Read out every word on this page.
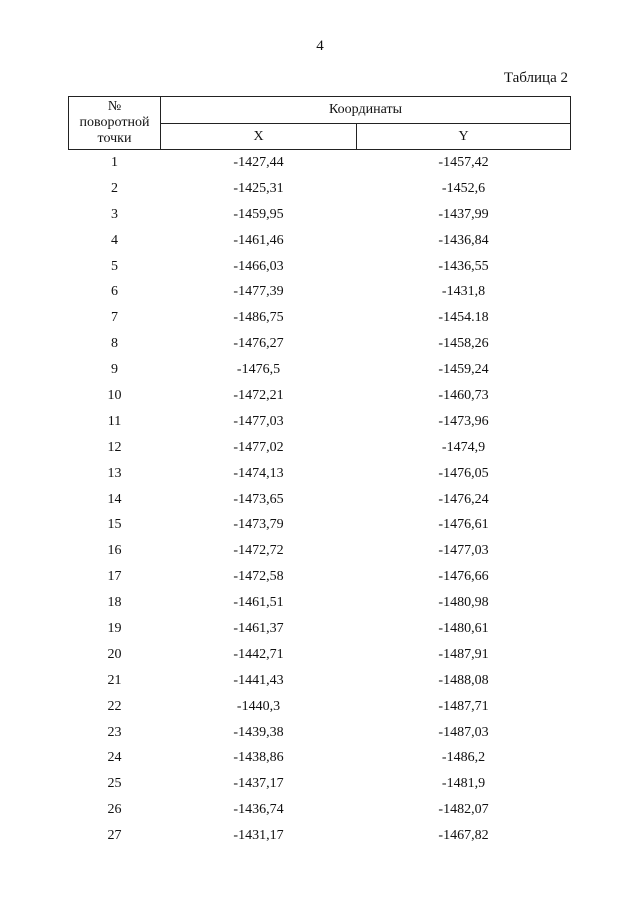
4
Таблица 2
№
поворотной
точки	Координаты	
	X	Y
1	-1427,44	-1457,42
2	-1425,31	-1452,6
3	-1459,95	-1437,99
4	-1461,46	-1436,84
5	-1466,03	-1436,55
6	-1477,39	-1431,8
7	-1486,75	-1454.18
8	-1476,27	-1458,26
9	-1476,5	-1459,24
10	-1472,21	-1460,73
11	-1477,03	-1473,96
12	-1477,02	-1474,9
13	-1474,13	-1476,05
14	-1473,65	-1476,24
15	-1473,79	-1476,61
16	-1472,72	-1477,03
17	-1472,58	-1476,66
18	-1461,51	-1480,98
19	-1461,37	-1480,61
20	-1442,71	-1487,91
21	-1441,43	-1488,08
22	-1440,3	-1487,71
23	-1439,38	-1487,03
24	-1438,86	-1486,2
25	-1437,17	-1481,9
26	-1436,74	-1482,07
27	-1431,17	-1467,82
